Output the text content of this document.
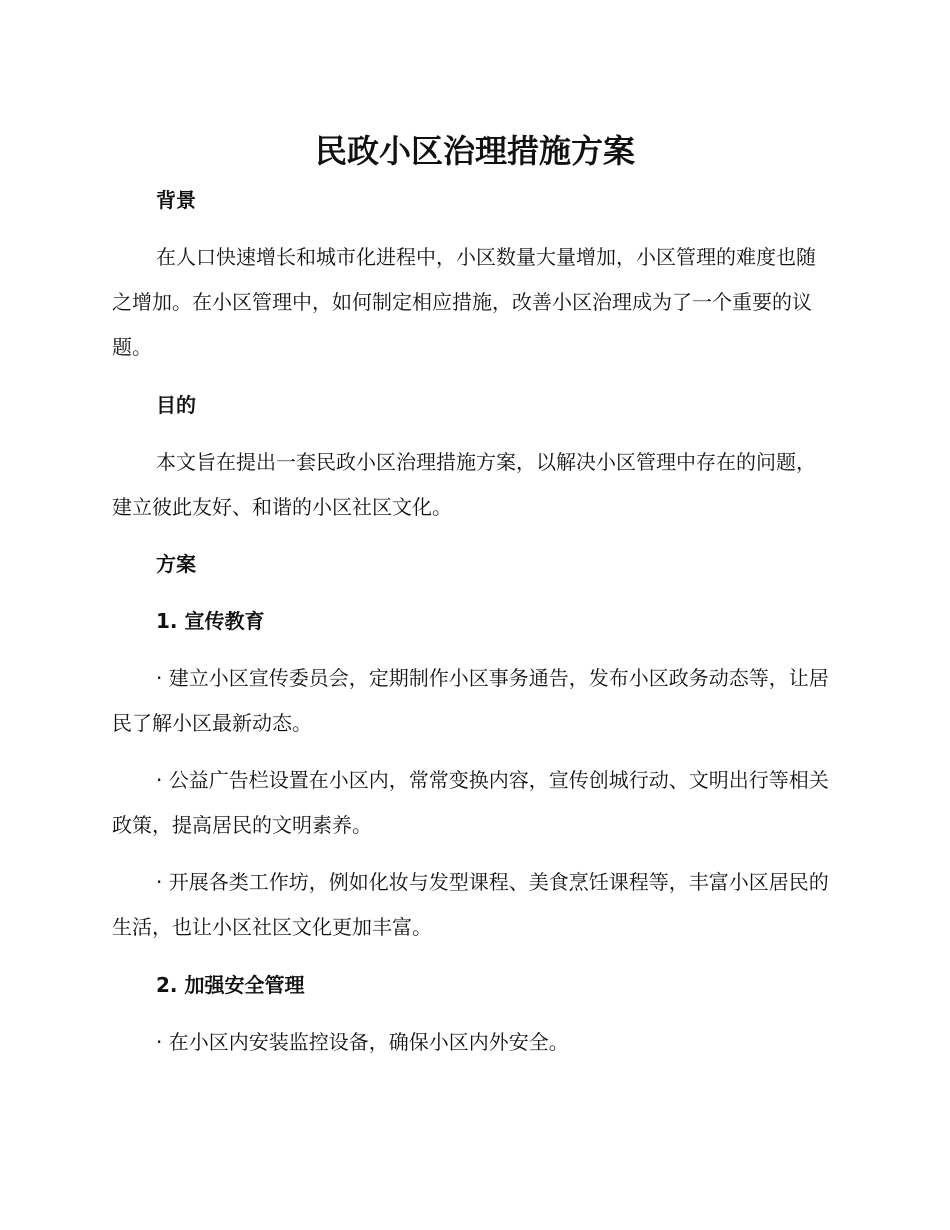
民政小区治理措施方案
背景

在人口快速增长和城市化进程中，小区数量大量增加，小区管理的难度也随之增加。在小区管理中，如何制定相应措施，改善小区治理成为了一个重要的议题。

目的

本文旨在提出一套民政小区治理措施方案，以解决小区管理中存在的问题，建立彼此友好、和谐的小区社区文化。

方案
1. 宣传教育

· 建立小区宣传委员会，定期制作小区事务通告，发布小区政务动态等，让居民了解小区最新动态。

· 公益广告栏设置在小区内，常常变换内容，宣传创城行动、文明出行等相关政策，提高居民的文明素养。

· 开展各类工作坊，例如化妆与发型课程、美食烹饪课程等，丰富小区居民的生活，也让小区社区文化更加丰富。

2. 加强安全管理

· 在小区内安装监控设备，确保小区内外安全。
